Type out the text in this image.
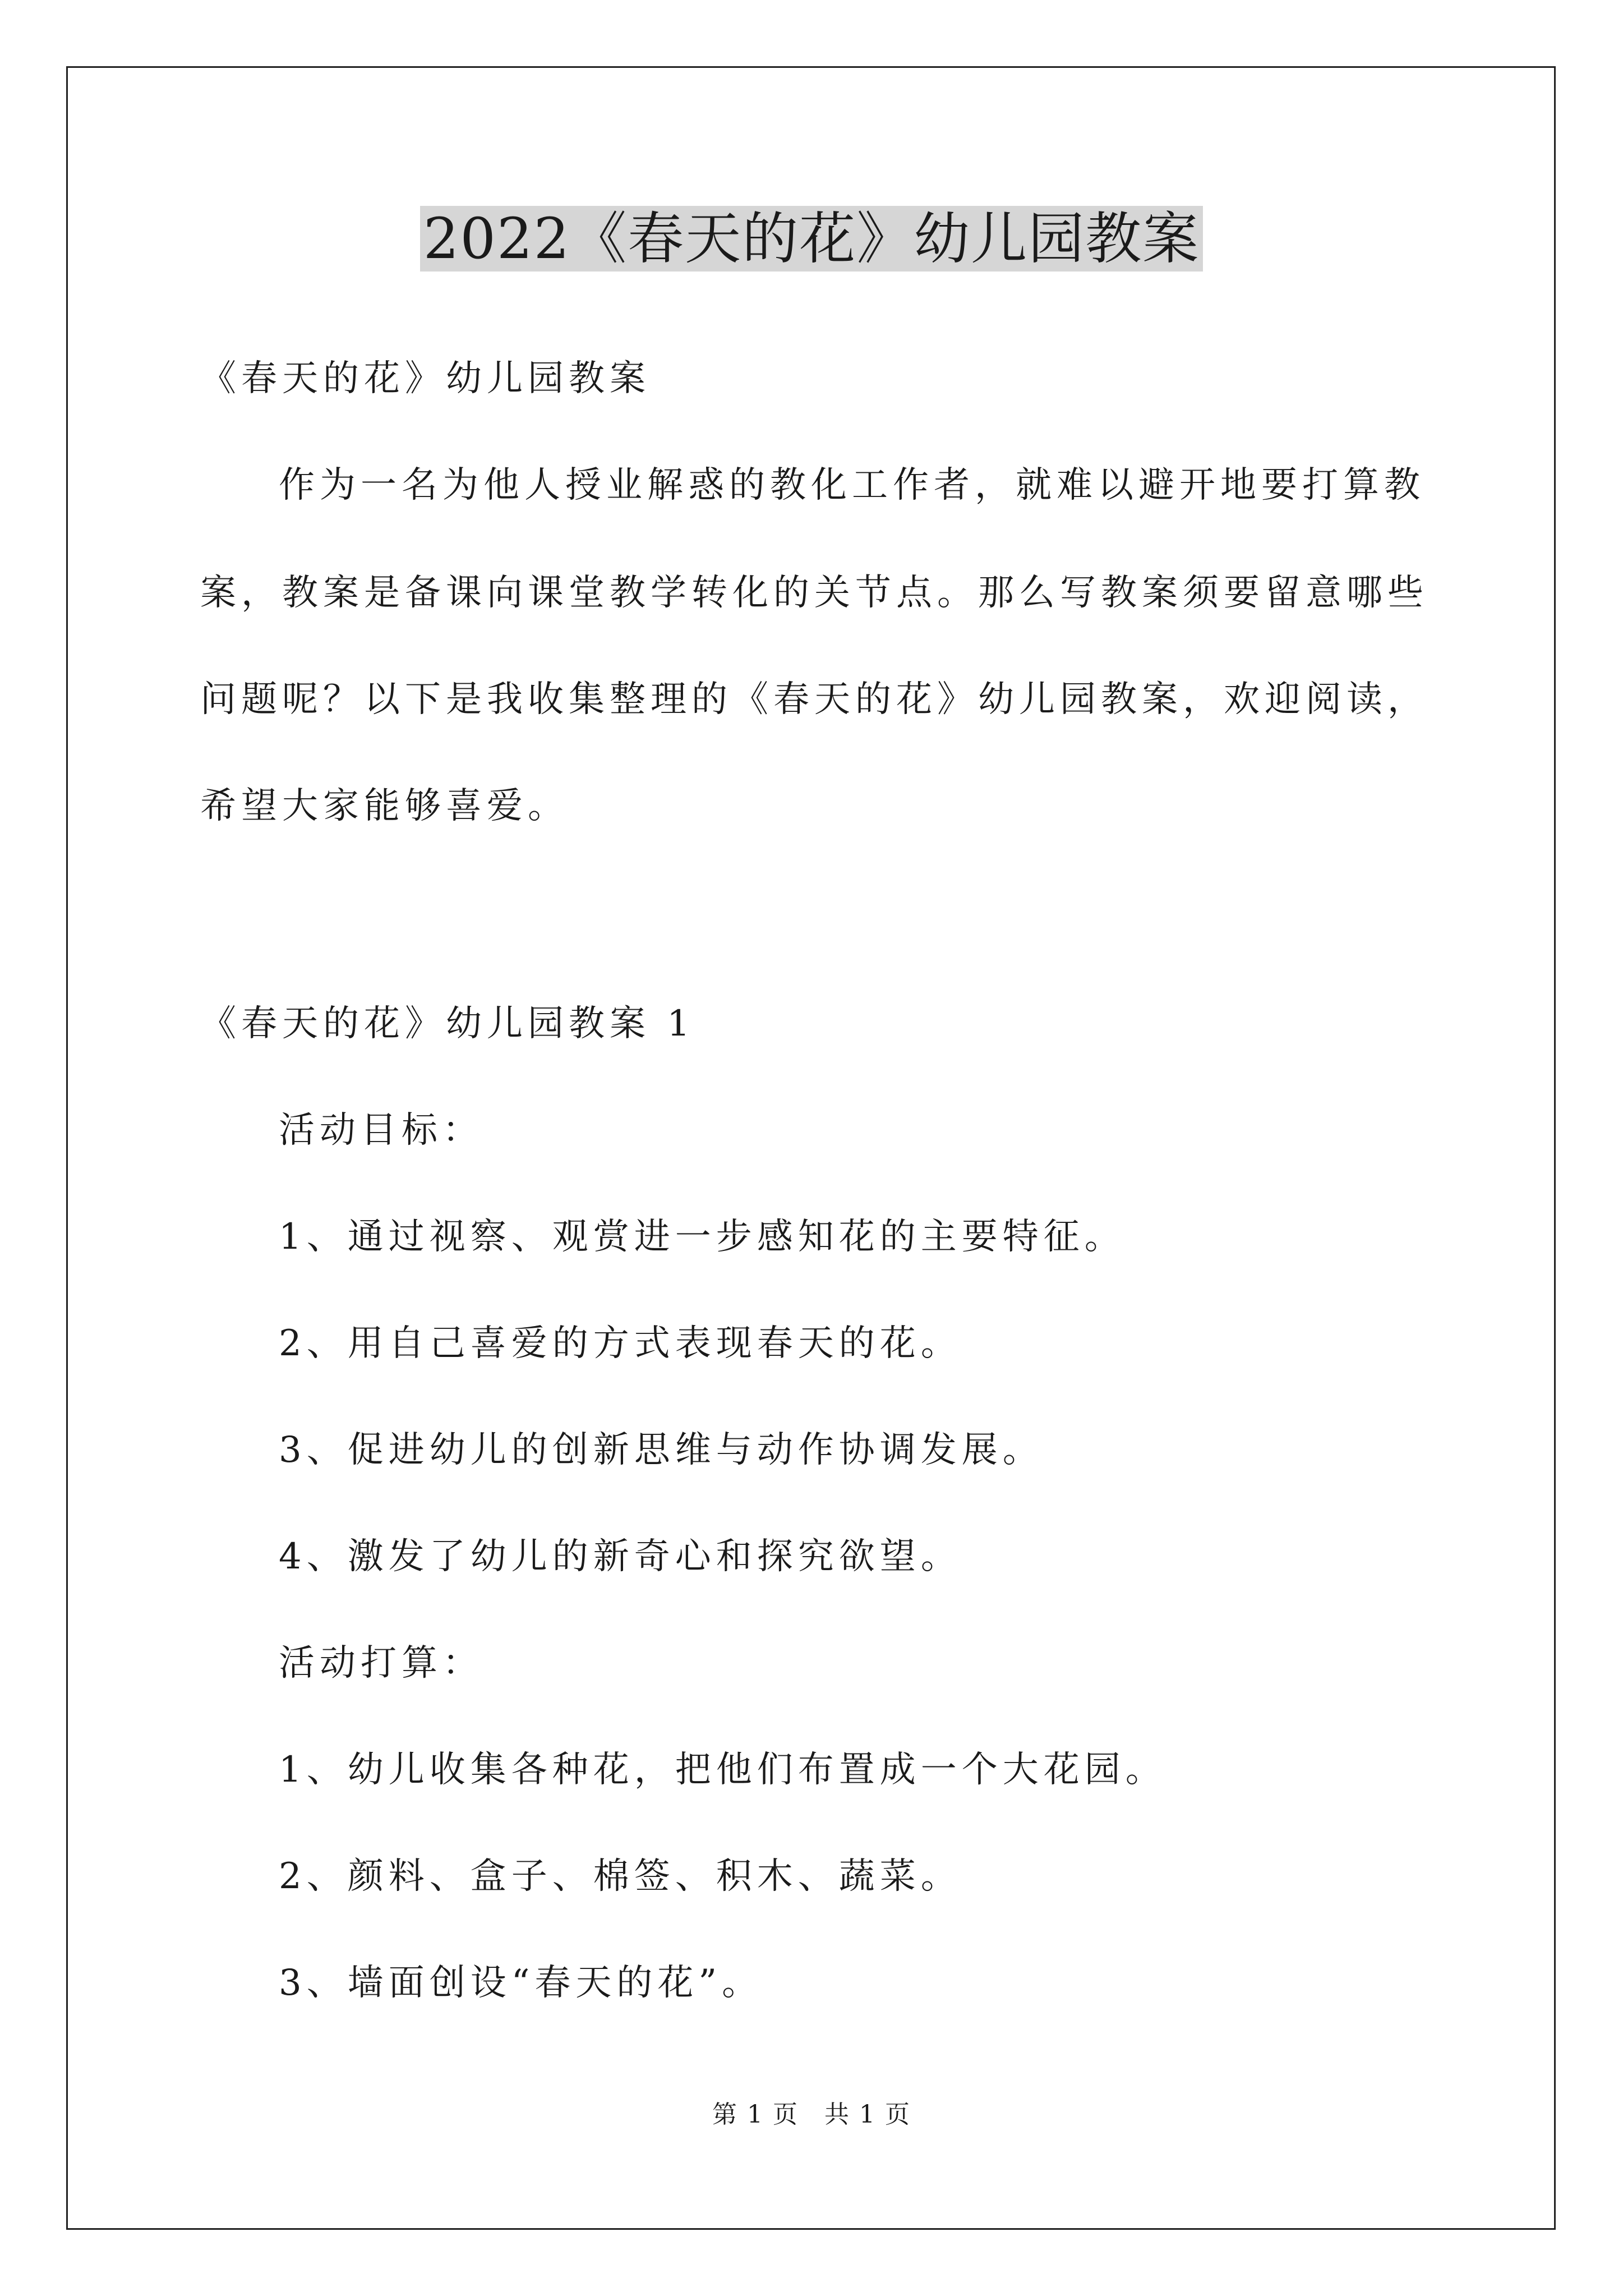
2022《春天的花》幼儿园教案
《春天的花》幼儿园教案
作为一名为他人授业解惑的教化工作者，就难以避开地要打算教
案，教案是备课向课堂教学转化的关节点。那么写教案须要留意哪些
问题呢？以下是我收集整理的《春天的花》幼儿园教案，欢迎阅读，
希望大家能够喜爱。
《春天的花》幼儿园教案 1
活动目标：
1、通过视察、观赏进一步感知花的主要特征。
2、用自己喜爱的方式表现春天的花。
3、促进幼儿的创新思维与动作协调发展。
4、激发了幼儿的新奇心和探究欲望。
活动打算：
1、幼儿收集各种花，把他们布置成一个大花园。
2、颜料、盒子、棉签、积木、蔬菜。
3、墙面创设“春天的花”。
第 1 页　共 1 页
